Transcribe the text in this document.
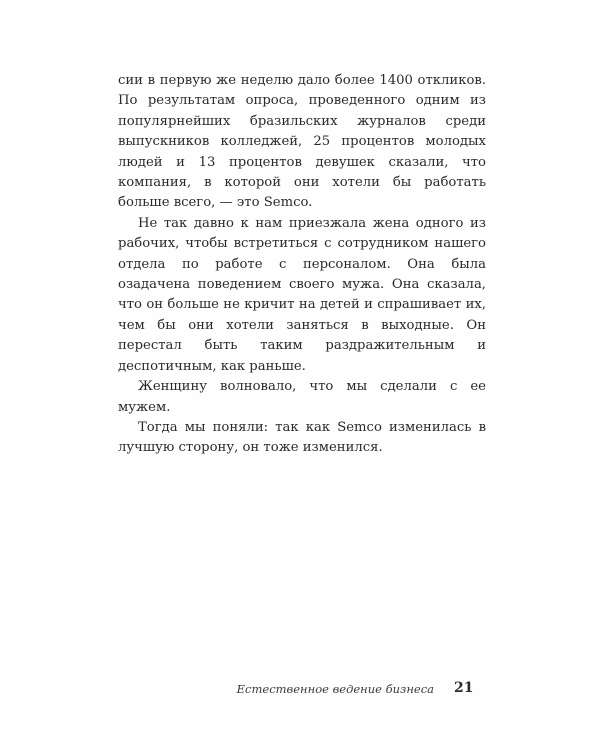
сии в первую же неделю дало более 1400 откликов. По результатам опроса, проведенного одним из популярнейших бразильских журналов среди выпускников колледжей, 25 процентов молодых людей и 13 процентов девушек сказали, что компания, в которой они хотели бы работать больше всего, — это Semco.

Не так давно к нам приезжала жена одного из рабочих, чтобы встретиться с сотрудником нашего отдела по работе с персоналом. Она была озадачена поведением своего мужа. Она сказала, что он больше не кричит на детей и спрашивает их, чем бы они хотели заняться в выходные. Он перестал быть таким раздражительным и деспотичным, как раньше.

Женщину волновало, что мы сделали с ее мужем.

Тогда мы поняли: так как Semco изменилась в лучшую сторону, он тоже изменился.

Естественное ведение бизнеса 21
